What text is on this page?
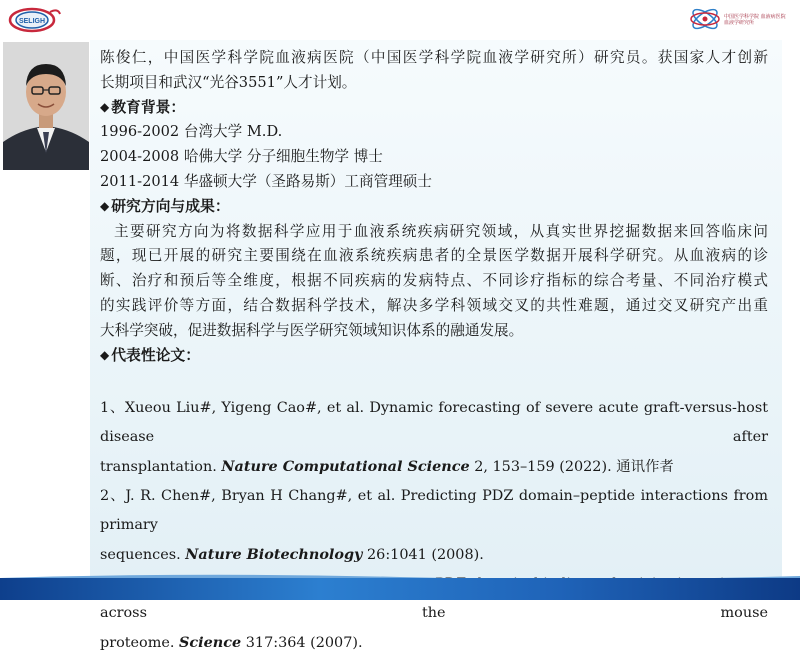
SELIGH
中国医学科学院 血液病医院
血液学研究所
陈俊仁，中国医学科学院血液病医院（中国医学科学院血液学研究所）研究员。获国家人才创新
长期项目和武汉“光谷3551”人才计划。
◆ 教育背景：
1996-2002 台湾大学 M.D.
2004-2008 哈佛大学 分子细胞生物学 博士
2011-2014 华盛顿大学（圣路易斯）工商管理硕士
◆ 研究方向与成果：
主要研究方向为将数据科学应用于血液系统疾病研究领域，从真实世界挖掘数据来回答临床问
题，现已开展的研究主要围绕在血液系统疾病患者的全景医学数据开展科学研究。从血液病的诊
断、治疗和预后等全维度，根据不同疾病的发病特点、不同诊疗指标的综合考量、不同治疗模式
的实践评价等方面，结合数据科学技术，解决多学科领域交叉的共性难题，通过交叉研究产出重
大科学突破，促进数据科学与医学研究领域知识体系的融通发展。
◆ 代表性论文：
1、Xueou Liu#, Yigeng Cao#, et al. Dynamic forecasting of severe acute graft-versus-host disease after
transplantation. Nature Computational Science 2, 153–159 (2022). 通讯作者
2、J. R. Chen#, Bryan H Chang#, et al. Predicting PDZ domain–peptide interactions from primary
sequences. Nature Biotechnology 26:1041 (2008).
across the mouse
proteome. Science 317:364 (2007).
